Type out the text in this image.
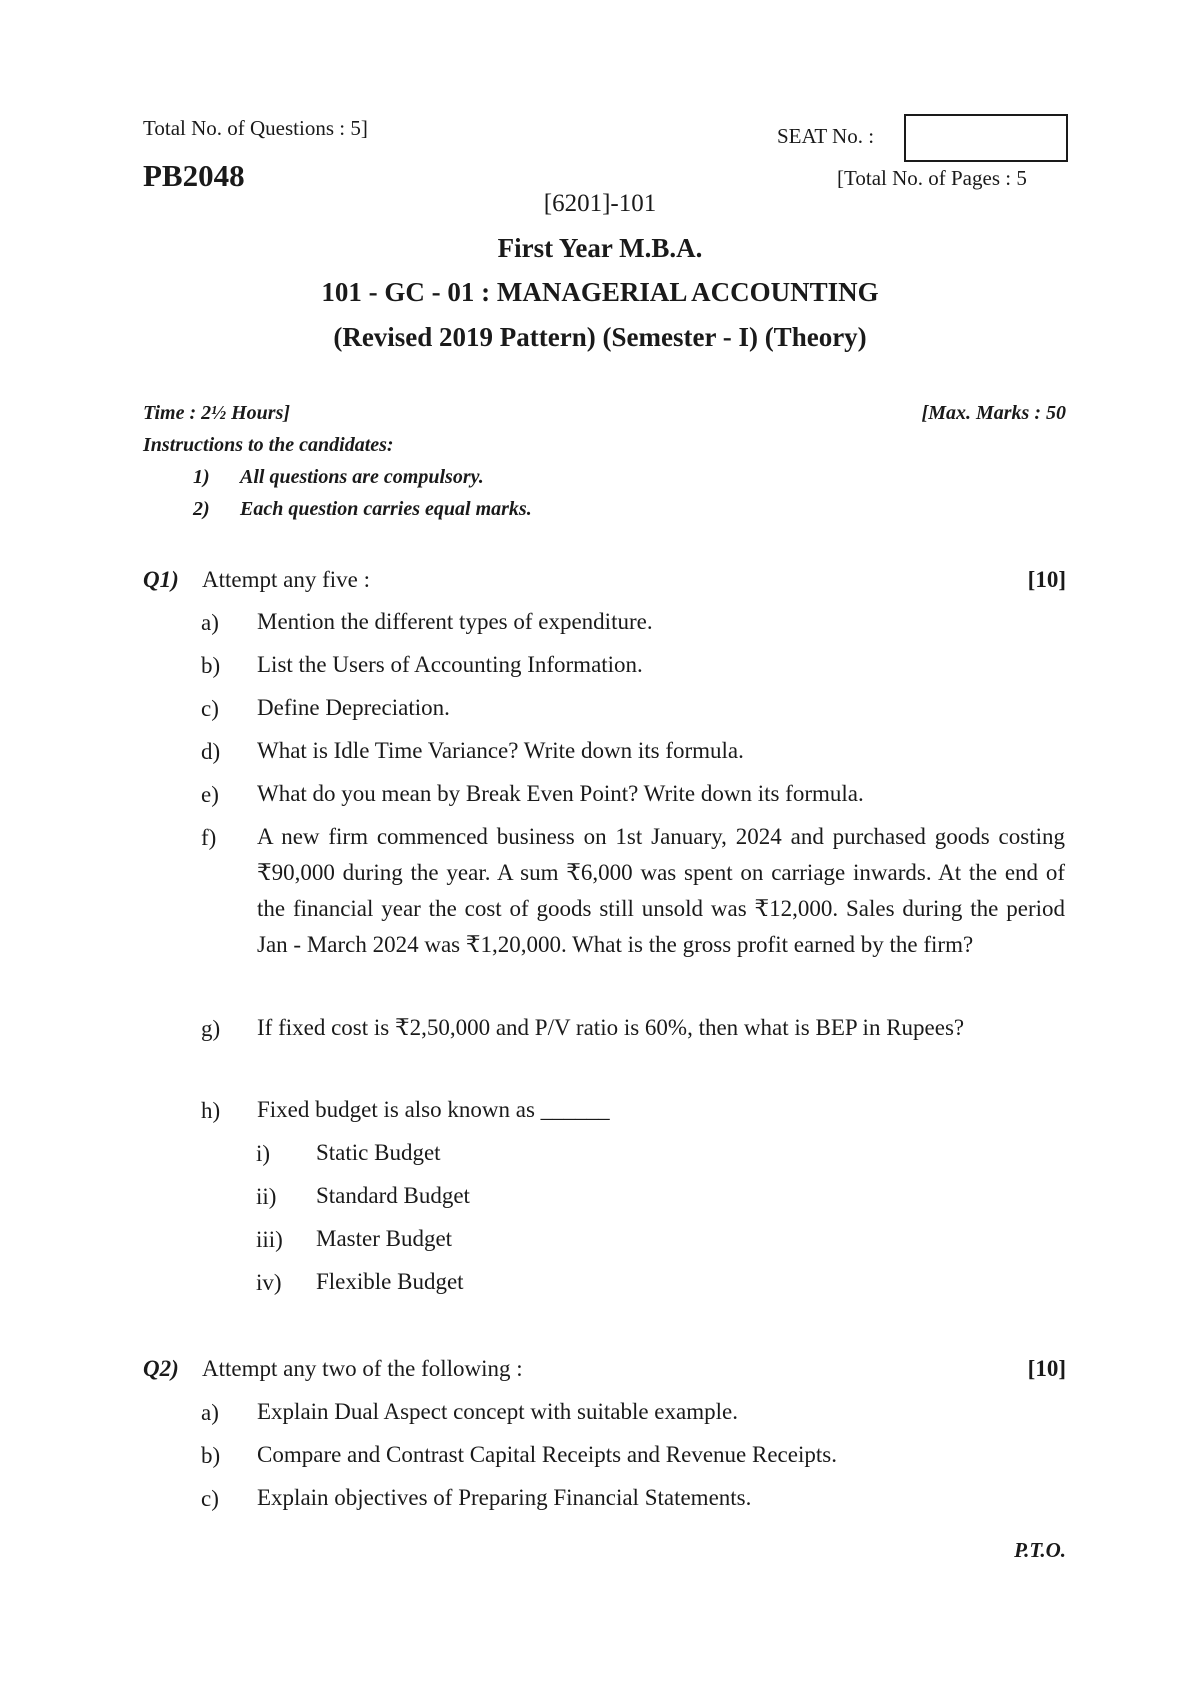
Total No. of Questions : 5]	SEAT No. :
PB2048	[Total No. of Pages : 5
[6201]-101
First Year M.B.A.
101 - GC - 01 : MANAGERIAL ACCOUNTING
(Revised 2019 Pattern) (Semester - I) (Theory)
Time : 2½ Hours]	[Max. Marks : 50
Instructions to the candidates:
1) All questions are compulsory.
2) Each question carries equal marks.
Q1) Attempt any five :	[10]
a)	Mention the different types of expenditure.
b)	List the Users of Accounting Information.
c)	Define Depreciation.
d)	What is Idle Time Variance? Write down its formula.
e)	What do you mean by Break Even Point? Write down its formula.
f)	A new firm commenced business on 1st January, 2024 and purchased goods costing ₹90,000 during the year. A sum ₹6,000 was spent on carriage inwards. At the end of the financial year the cost of goods still unsold was ₹12,000. Sales during the period Jan - March 2024 was ₹1,20,000. What is the gross profit earned by the firm?
g)	If fixed cost is ₹2,50,000 and P/V ratio is 60%, then what is BEP in Rupees?
h)	Fixed budget is also known as ______
i)	Static Budget
ii)	Standard Budget
iii)	Master Budget
iv)	Flexible Budget
Q2) Attempt any two of the following :	[10]
a)	Explain Dual Aspect concept with suitable example.
b)	Compare and Contrast Capital Receipts and Revenue Receipts.
c)	Explain objectives of Preparing Financial Statements.
P.T.O.
